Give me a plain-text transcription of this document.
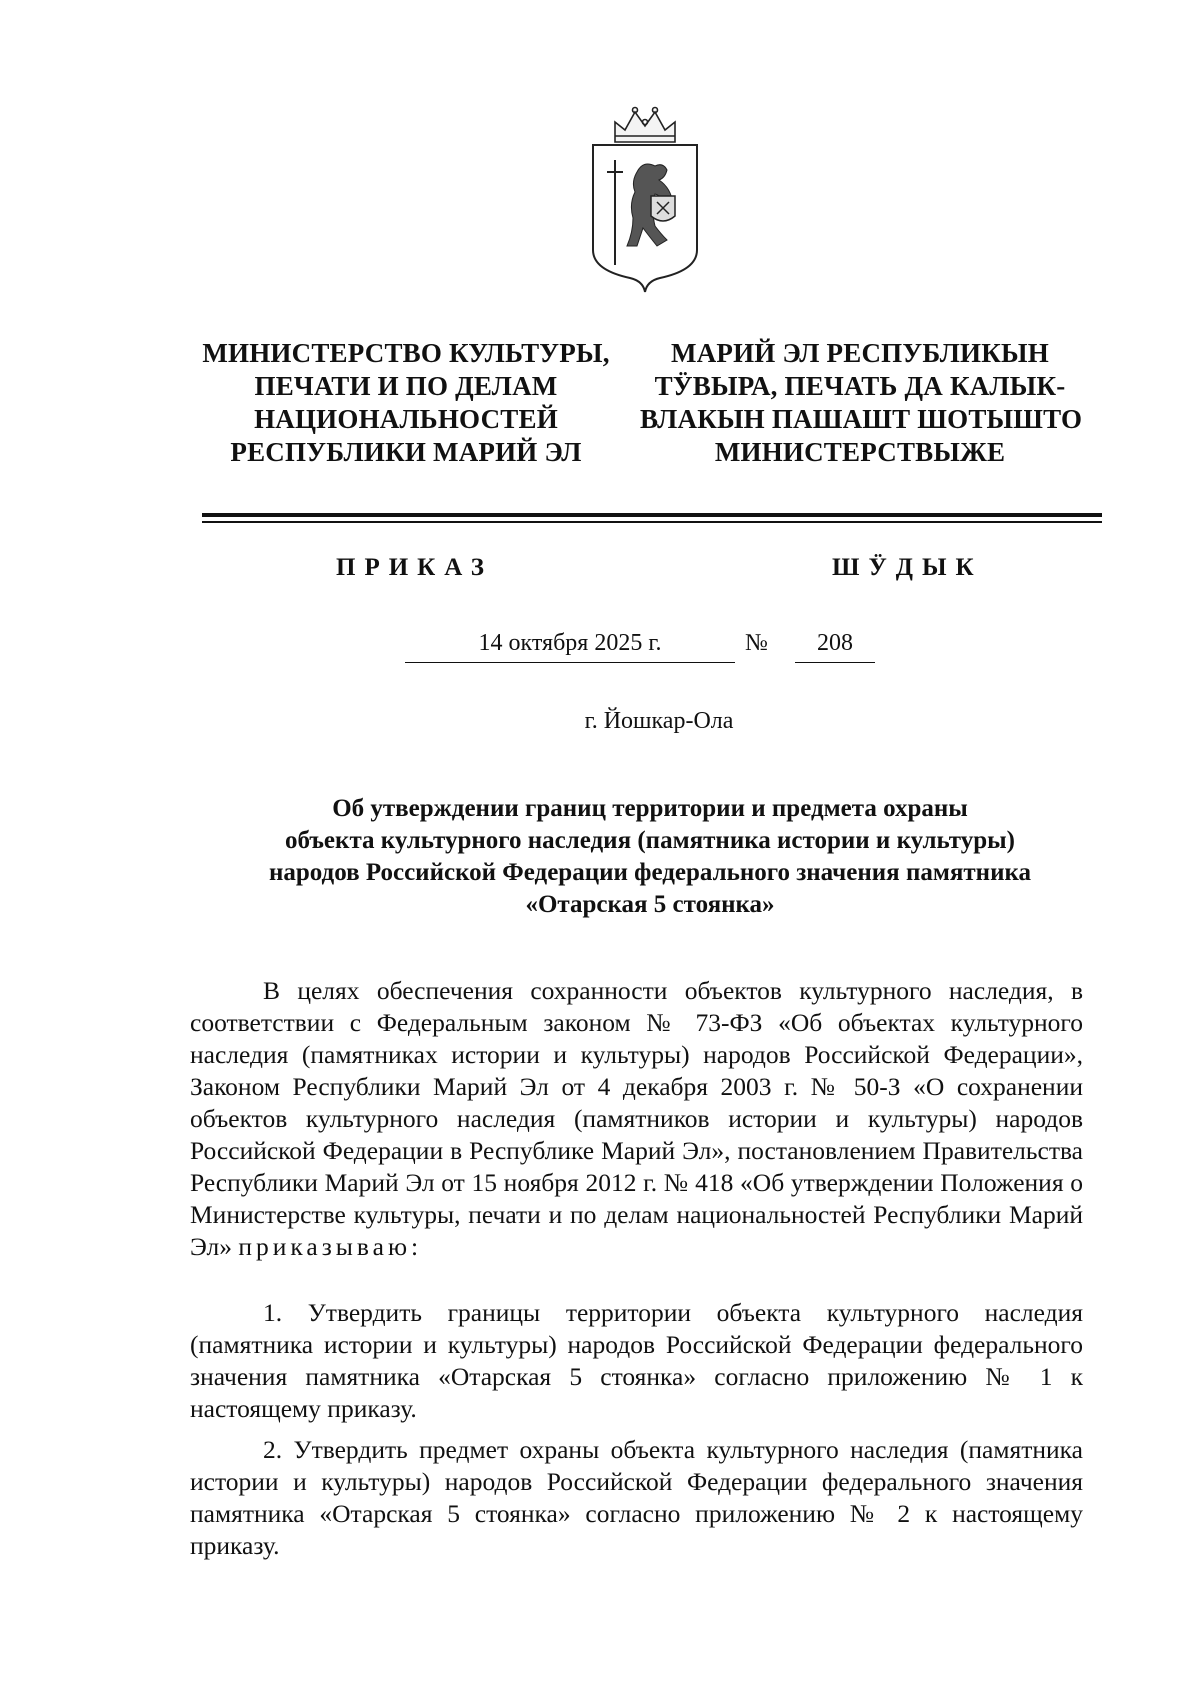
МИНИСТЕРСТВО КУЛЬТУРЫ,
ПЕЧАТИ И ПО ДЕЛАМ
НАЦИОНАЛЬНОСТЕЙ
РЕСПУБЛИКИ МАРИЙ ЭЛ
МАРИЙ ЭЛ РЕСПУБЛИКЫН
ТӰВЫРА, ПЕЧАТЬ ДА КАЛЫК-
ВЛАКЫН ПАШАШТ ШОТЫШТО
МИНИСТЕРСТВЫЖЕ
ПРИКАЗ	ШӰДЫК
14 октября 2025 г.	№	208
г. Йошкар-Ола
Об утверждении границ территории и предмета охраны
объекта культурного наследия (памятника истории и культуры)
народов Российской Федерации федерального значения памятника
«Отарская 5 стоянка»
В целях обеспечения сохранности объектов культурного наследия, в соответствии с Федеральным законом № 73-ФЗ «Об объектах культурного наследия (памятниках истории и культуры) народов Российской Федерации», Законом Республики Марий Эл от 4 декабря 2003 г. № 50-З «О сохранении объектов культурного наследия (памятников истории и культуры) народов Российской Федерации в Республике Марий Эл», постановлением Правительства Республики Марий Эл от 15 ноября 2012 г. № 418 «Об утверждении Положения о Министерстве культуры, печати и по делам национальностей Республики Марий Эл» приказываю:
1. Утвердить границы территории объекта культурного наследия (памятника истории и культуры) народов Российской Федерации федерального значения памятника «Отарская 5 стоянка» согласно приложению № 1 к настоящему приказу.
2. Утвердить предмет охраны объекта культурного наследия (памятника истории и культуры) народов Российской Федерации федерального значения памятника «Отарская 5 стоянка» согласно приложению № 2 к настоящему приказу.
